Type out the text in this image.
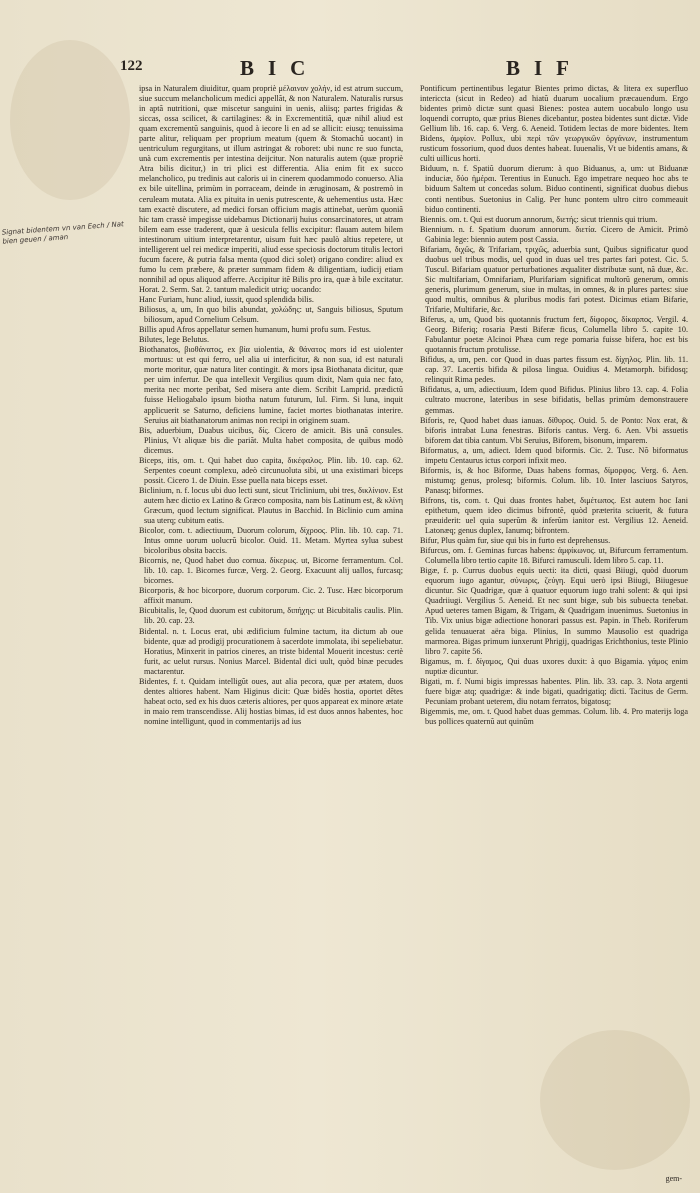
122	BIC	BIF
Signat bidentem vn van Eech / Nat bien geuen / aman

ipsa in Naturalem diuiditur, quam propriè μέλαιναν χολήν, id est atrum succum, siue succum melancholicum medici appellãt, & non Naturalem. Naturalis rursus in aptã nutritioni, quæ miscetur sanguini in uenis, aliisq; partes frigidas & siccas, ossa scilicet, & cartilagines: & in Excrementitiã, quæ nihil aliud est quam excrementũ sanguinis, quod à iecore li en ad se allicit: eiusq; tenuissima parte alitur, reliquam per proprium meatum (quem & Stomachũ uocant) in uentriculum regurgitans, ut illum astringat & roboret: ubi nunc re suo functa, unà cum excrementis per intestina deijcitur. Non naturalis autem (quæ propriè Atra bilis dicitur,) in tri plici est differentia. Alia enim fit ex succo melancholico, pu tredinis aut caloris ui in cinerem quodammodo conuerso. Alia ex bile uitellina, primùm in porraceam, deinde in æruginosam, & postremò in ceruleam mutata. Alia ex pituita in uenis putrescente, & uehementius usta. Hæc tam exactè discutere, ad medici forsan officium magis attinebat, uerùm quoniã hic tam crassè impegisse uidebamus Dictionarij huius consarcinatores, ut atram bilem eam esse traderent, quæ à uesicula fellis excipitur: flauam autem bilem intestinorum uitium interpretarentur, uisum fuit hæc paulò altius repetere, ut intelligerent uel rei medicæ imperiti, aliud esse speciosis doctorum titulis lectori fucum facere, & putria falsa menta (quod dici solet) origano condire: aliud ex fumo lu cem præbere, & præter summam fidem & diligentiam, iudicij etiam nonnihil ad opus aliquod afferre. Accipitur itẽ Bilis pro ira, quæ à bile excitatur. Horat. 2. Serm. Sat. 2. tantum maledicit utriq; uocando:

Hanc Furiam, hunc aliud, iussit, quod splendida bilis.

Biliosus, a, um, In quo bilis abundat, χολώδης: ut, Sanguis biliosus, Sputum biliosum, apud Cornelium Celsum.

Billis apud Afros appellatur semen humanum, humi profu sum. Festus.

Bilutes, lege Belutus.

Biothanatos, βιοθάνατος, ex βία uiolentia, & θάνατος mors id est uiolenter mortuus: ut est qui ferro, uel alia ui interficitur, & non sua, id est naturali morte moritur, quæ natura liter contingit. & mors ipsa Biothanata dicitur, quæ per uim infertur. De qua intellexit Vergilius quum dixit, Nam quia nec fato, merita nec morte peribat, Sed misera ante diem. Scribit Lamprid. prædictũ fuisse Heliogabalo ipsum biotha natum futurum, Iul. Firm. Si luna, inquit applicuerit se Saturno, deficiens lumine, faciet mortes biothanatas interire. Seruius ait biathanatorum animas non recipi in originem suam.

Bis, aduerbium, Duabus uicibus, δίς. Cicero de amicit. Bis unã consules. Plinius, Vt aliquæ bis die pariãt. Multa habet composita, de quibus modò dicemus.

Biceps, itis, om. t. Qui habet duo capita, δικέφαλος. Plin. lib. 10. cap. 62. Serpentes coeunt complexu, adeò circunuoluta sibi, ut una existimari biceps possit. Cicero 1. de Diuin. Esse puella nata biceps esset.

Biclinium, n. f. locus ubi duo lecti sunt, sicut Triclinium, ubi tres, δικλίνιον. Est autem hæc dictio ex Latino & Græco composita, nam bis Latinum est, & κλίνη Græcum, quod lectum significat. Plautus in Bacchid. In Biclinio cum amina sua uterq; cubitum eatis.

Bicolor, com. t. adiectiuum, Duorum colorum, δίχροος. Plin. lib. 10. cap. 71. Intus omne uorum uolucrũ bicolor. Ouid. 11. Metam. Myrtea sylua subest bicoloribus obsita baccis.

Bicornis, ne, Quod habet duo cornua. δίκερως. ut, Bicorne ferramentum. Col. lib. 10. cap. 1. Bicornes furcæ, Verg. 2. Georg. Exacuunt alij uallos, furcasq; bicornes.

Bicorporis, & hoc bicorpore, duorum corporum. Cic. 2. Tusc. Hæc bicorporum affixit manum.

Bicubitalis, le, Quod duorum est cubitorum, διπήχης: ut Bicubitalis caulis. Plin. lib. 20. cap. 23.

Bidental. n. t. Locus erat, ubi ædificium fulmine tactum, ita dictum ab oue bidente, quæ ad prodigij procurationem à sacerdote immolata, ibi sepeliebatur. Horatius, Minxerit in patrios cineres, an triste bidental Mouerit incestus: certè furit, ac uelut rursus. Nonius Marcel. Bidental dici uult, quòd binæ pecudes mactarentur.

Bidentes, f. t. Quidam intelligũt oues, aut alia pecora, quæ per ætatem, duos dentes altiores habent. Nam Higinus dicit: Quæ bidẽs hostia, oportet dẽtes habeat octo, sed ex his duos cæteris altiores, per quos appareat ex minore ætate in maio rem transcendisse. Alij hostias bimas, id est duos annos habentes, hoc nomine intelligunt, quod in commentarijs ad ius

Pontificum pertinentibus legatur Bientes primo dictas, & litera ex superfluo intericcta (sicut in Redeo) ad hiatũ duarum uocalium præcauendum. Ergo bidentes primò dictæ sunt quasi Bienes: postea autem uocabulo longo usu loquendi corrupto, quæ prius Bienes dicebantur, postea bidentes sunt dictæ. Vide Gellium lib. 16. cap. 6. Verg. 6. Aeneid. Totidem lectas de more bidentes. Item Bidens, ἀμφίον. Pollux, ubi περὶ τῶν γεωργικῶν ὀργάνων, instrumentum rusticum fossorium, quod duos dentes habeat. Iuuenalis, Vt ue bidentis amans, & culti uillicus horti.

Biduum, n. f. Spatiũ duorum dierum: à quo Biduanus, a, um: ut Biduanæ induciæ, δύο ἡμέραι. Terentius in Eunuch. Ego impetrare nequeo hoc abs te biduum Saltem ut concedas solum. Biduo continenti, significat duobus diebus conti nentibus. Suetonius in Calig. Per hunc pontem ultro citro commeauit biduo continenti.

Biennis. om. t. Qui est duorum annorum, διετής: sicut triennis qui trium.

Biennium. n. f. Spatium duorum annorum. διετία. Cicero de Amicit. Primò Gabinia lege: biennio autem post Cassia.

Bifariam, διχῶς, & Trifariam, τριχῶς, aduerbia sunt, Quibus significatur quod duobus uel tribus modis, uel quod in duas uel tres partes fari potest. Cic. 5. Tuscul. Bifariam quatuor perturbationes æqualiter distributæ sunt, nã duæ, &c. Sic multifariam, Omnifariam, Plurifariam significat multorũ generum, omnis generis, plurimum generum, siue in multas, in omnes, & in plures partes: siue quod multis, omnibus & pluribus modis fari potest. Dicimus etiam Bifarie, Trifarie, Multifarie, &c.

Biferus, a, um, Quod bis quotannis fructum fert, δίφορος, δίκαρπος. Vergil. 4. Georg. Biferiq; rosaria Pæsti Biferæ ficus, Columella libro 5. capite 10. Fabulantur poetæ Alcinoi Phæa cum rege pomaria fuisse bifera, hoc est bis quotannis fructum protulisse.

Bifidus, a, um, pen. cor Quod in duas partes fissum est. δίχηλος. Plin. lib. 11. cap. 37. Lacertis bifida & pilosa lingua. Ouidius 4. Metamorph. bifidosq; relinquit Rima pedes.

Bifidatus, a, um, adiectiuum, Idem quod Bifidus. Plinius libro 13. cap. 4. Folia cultrato mucrone, lateribus in sese bifidatis, bellas primùm demonstrauere gemmas.

Biforis, re, Quod habet duas ianuas. δίθυρος. Ouid. 5. de Ponto: Nox erat, & biforis intrabat Luna fenestras. Biforis cantus. Verg. 6. Aen. Vbi assuetis biforem dat tibia cantum. Vbi Seruius, Biforem, bisonum, imparem.

Biformatus, a, um, adiect. Idem quod biformis. Cic. 2. Tusc. Nõ biformatus impetu Centaurus ictus corpori infixit meo.

Biformis, is, & hoc Biforme, Duas habens formas, δίμορφος. Verg. 6. Aen. mistumq; genus, prolesq; biformis. Colum. lib. 10. Inter lasciuos Satyros, Panasq; biformes.

Bifrons, tis, com. t. Qui duas frontes habet, διμέτωπος. Est autem hoc Iani epithetum, quem ideo dicimus bifrontẽ, quòd præterita sciuerit, & futura præuiderit: uel quia superũm & inferũm ianitor est. Vergilius 12. Aeneid. Latonæq; genus duplex, Ianumq; bifrontem.

Bifur, Plus quàm fur, siue qui bis in furto est deprehensus.

Bifurcus, om. f. Geminas furcas habens: ἀμφίκωνος. ut, Bifurcum ferramentum. Columella libro tertio capite 18. Bifurci ramusculi. Idem libro 5. cap. 11.

Bigæ, f. p. Currus duobus equis uecti: ita dicti, quasi Biiugi, quòd duorum equorum iugo agantur, σύνωρις, ζεύγη. Equi uerò ipsi Biiugi, Biiugesue dicuntur. Sic Quadrigæ, quæ à quatuor equorum iugo trahi solent: & qui ipsi Quadriiugi. Vergilius 5. Aeneid. Et nec sunt bigæ, sub bis subuecta tenebat. Apud ueteres tamen Bigam, & Trigam, & Quadrigam inuenimus. Suetonius in Tib. Vix unius bigæ adiectione honorari passus est. Papin. in Theb. Roriferum gelida tenuauerat aëra biga. Plinius, In summo Mausolio est quadriga marmorea. Bigas primum iunxerunt Phrigij, quadrigas Erichthonius, teste Plinio libro 7. capite 56.

Bigamus, m. f. δίγαμος, Qui duas uxores duxit: à quo Bigamia. γάμος enim nuptiæ dicuntur.

Bigati, m. f. Numi bigis impressas habentes. Plin. lib. 33. cap. 3. Nota argenti fuere bigæ atq; quadrigæ: & inde bigati, quadrigatiq; dicti. Tacitus de Germ. Pecuniam probant ueterem, diu notam ferratos, bigatosq;

Bigemmis, me, om. t. Quod habet duas gemmas. Colum. lib. 4. Pro materijs loga bus pollices quaternũ aut quinũm

gem-
